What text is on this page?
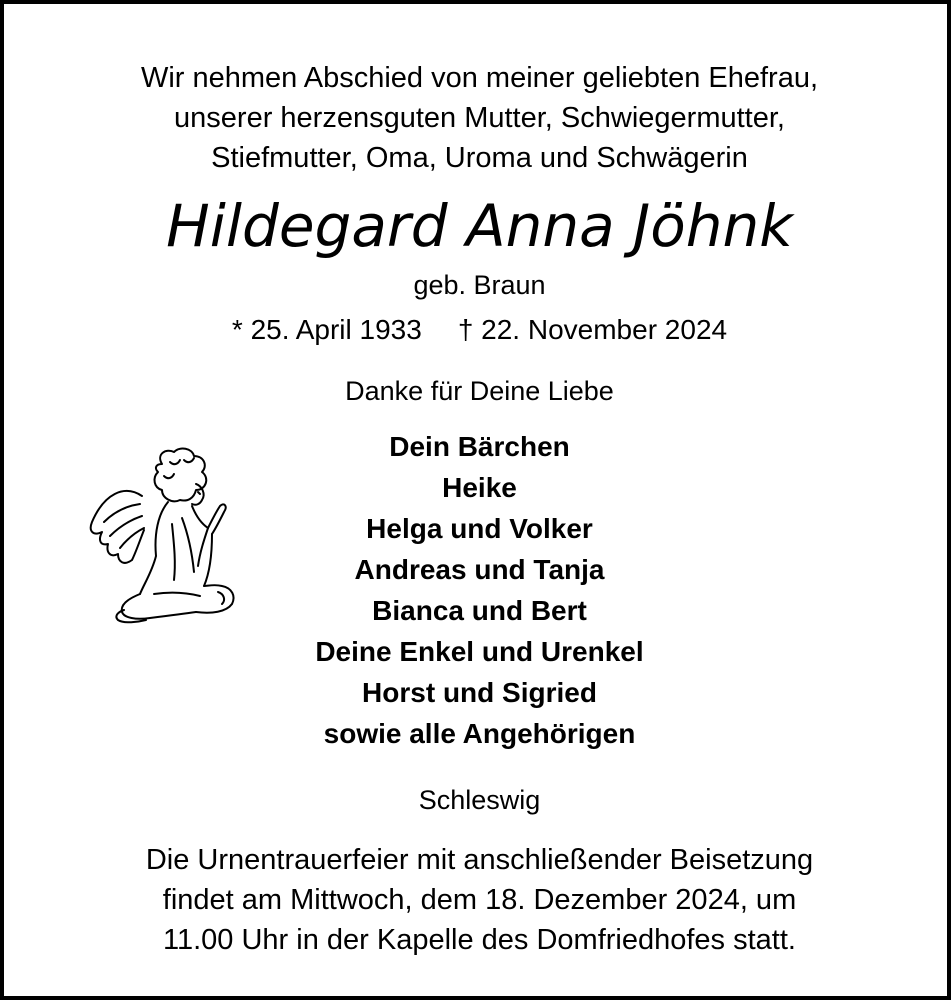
Wir nehmen Abschied von meiner geliebten Ehefrau,
unserer herzensguten Mutter, Schwiegermutter,
Stiefmutter, Oma, Uroma und Schwägerin
Hildegard Anna Jöhnk
geb. Braun
* 25. April 1933 † 22. November 2024
Danke für Deine Liebe
Dein Bärchen
Heike
Helga und Volker
Andreas und Tanja
Bianca und Bert
Deine Enkel und Urenkel
Horst und Sigried
sowie alle Angehörigen
Schleswig
Die Urnentrauerfeier mit anschließender Beisetzung
findet am Mittwoch, dem 18. Dezember 2024, um
11.00 Uhr in der Kapelle des Domfriedhofes statt.
